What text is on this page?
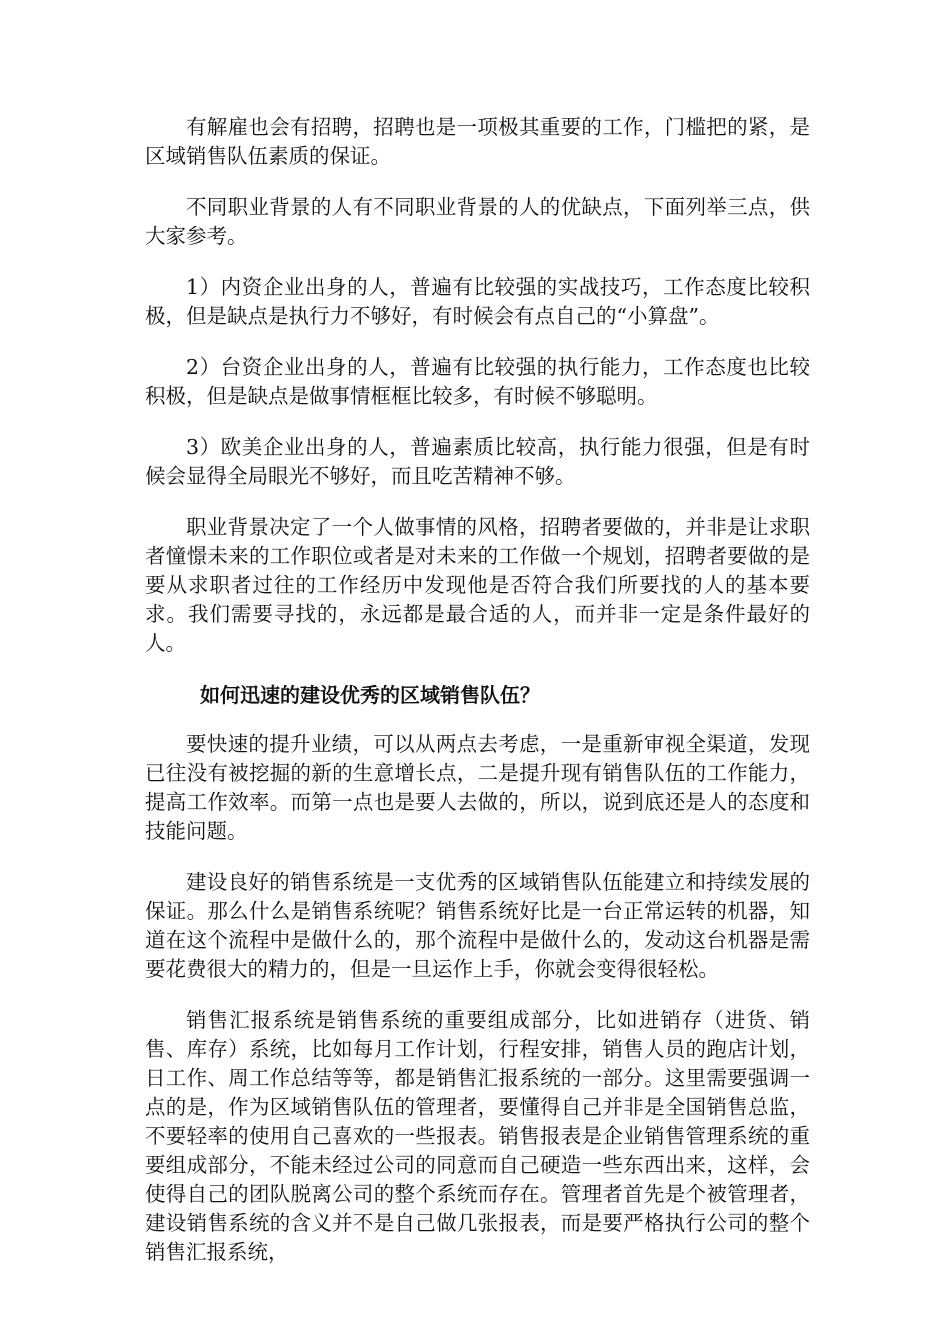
有解雇也会有招聘，招聘也是一项极其重要的工作，门槛把的紧，是区域销售队伍素质的保证。

不同职业背景的人有不同职业背景的人的优缺点，下面列举三点，供大家参考。

1）内资企业出身的人，普遍有比较强的实战技巧，工作态度比较积极，但是缺点是执行力不够好，有时候会有点自己的“小算盘”。

2）台资企业出身的人，普遍有比较强的执行能力，工作态度也比较积极，但是缺点是做事情框框比较多，有时候不够聪明。

3）欧美企业出身的人，普遍素质比较高，执行能力很强，但是有时候会显得全局眼光不够好，而且吃苦精神不够。

职业背景决定了一个人做事情的风格，招聘者要做的，并非是让求职者憧憬未来的工作职位或者是对未来的工作做一个规划，招聘者要做的是要从求职者过往的工作经历中发现他是否符合我们所要找的人的基本要求。我们需要寻找的，永远都是最合适的人，而并非一定是条件最好的人。

如何迅速的建设优秀的区域销售队伍？

要快速的提升业绩，可以从两点去考虑，一是重新审视全渠道，发现已往没有被挖掘的新的生意增长点，二是提升现有销售队伍的工作能力，提高工作效率。而第一点也是要人去做的，所以，说到底还是人的态度和技能问题。

建设良好的销售系统是一支优秀的区域销售队伍能建立和持续发展的保证。那么什么是销售系统呢？销售系统好比是一台正常运转的机器，知道在这个流程中是做什么的，那个流程中是做什么的，发动这台机器是需要花费很大的精力的，但是一旦运作上手，你就会变得很轻松。

销售汇报系统是销售系统的重要组成部分，比如进销存（进货、销售、库存）系统，比如每月工作计划，行程安排，销售人员的跑店计划，日工作、周工作总结等等，都是销售汇报系统的一部分。这里需要强调一点的是，作为区域销售队伍的管理者，要懂得自己并非是全国销售总监，不要轻率的使用自己喜欢的一些报表。销售报表是企业销售管理系统的重要组成部分，不能未经过公司的同意而自己硬造一些东西出来，这样，会使得自己的团队脱离公司的整个系统而存在。管理者首先是个被管理者，建设销售系统的含义并不是自己做几张报表，而是要严格执行公司的整个销售汇报系统，
